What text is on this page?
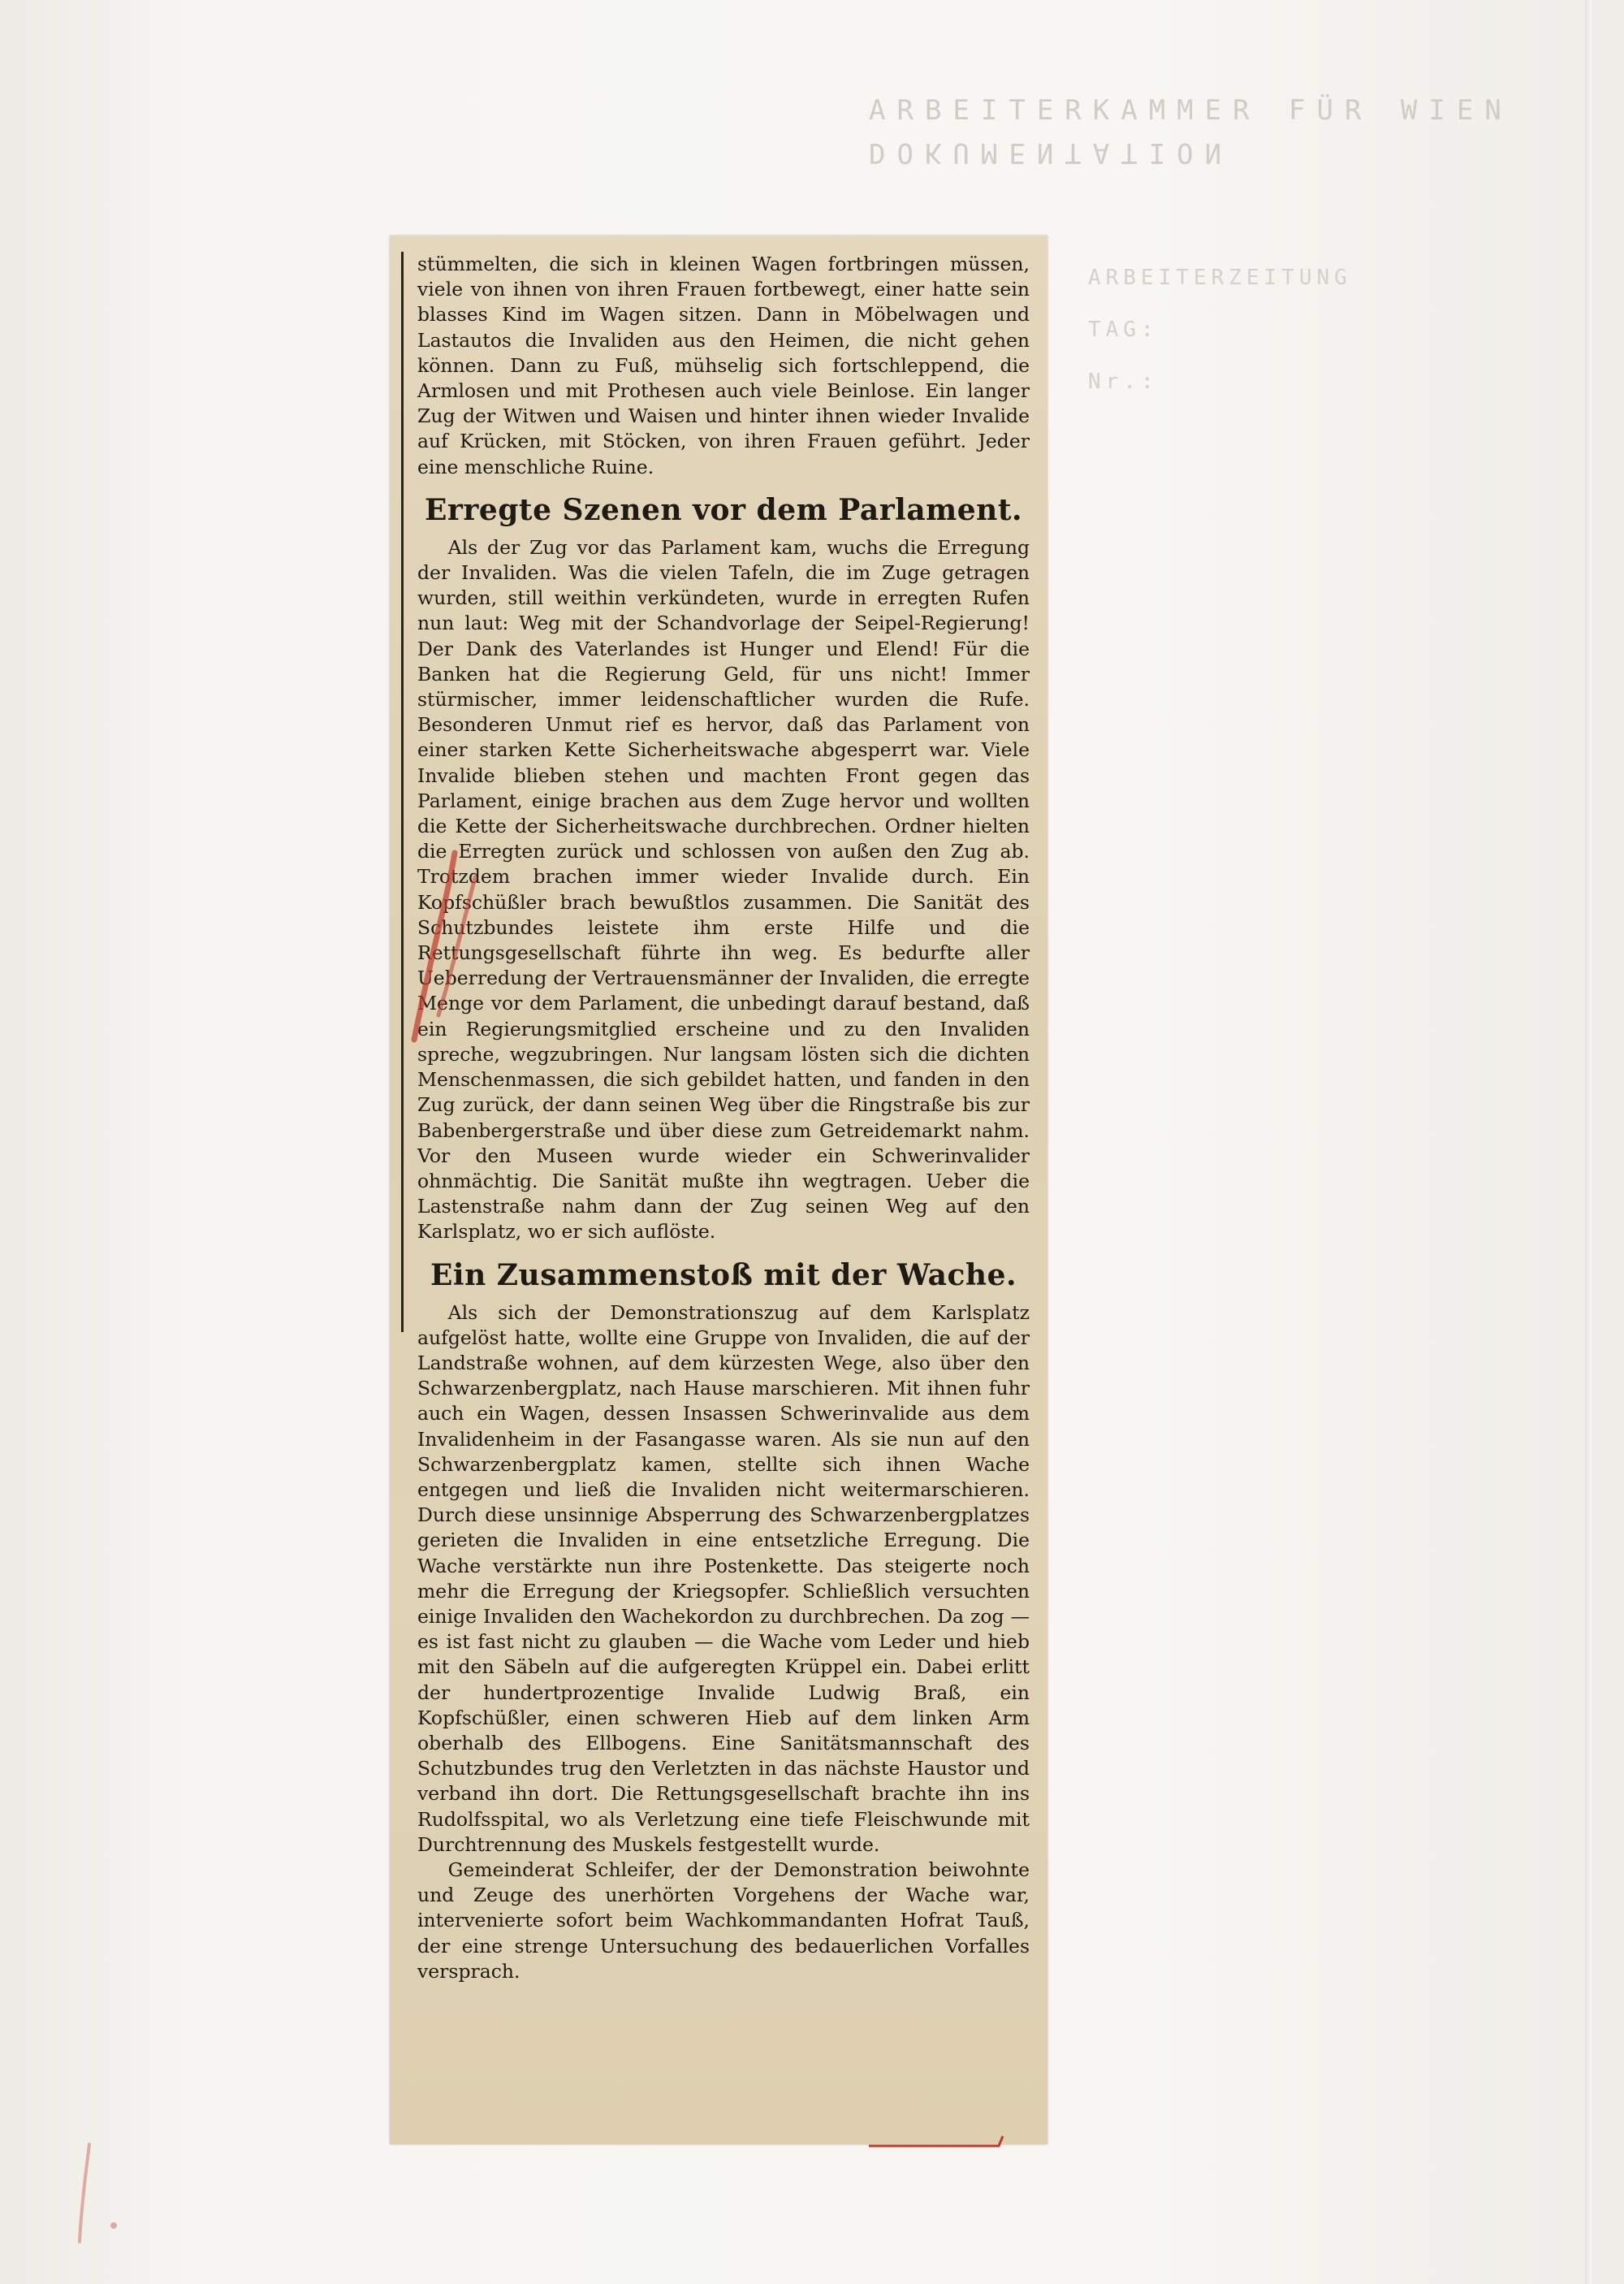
ARBEITERKAMMER FÜR WIEN

DOKUMENTATION
ARBEITERZEITUNG
TAG:
Nr.:

stümmelten, die sich in kleinen Wagen fortbringen müssen, viele von ihnen von ihren Frauen fortbewegt, einer hatte sein blasses Kind im Wagen sitzen. Dann in Möbelwagen und Lastautos die Invaliden aus den Heimen, die nicht gehen können. Dann zu Fuß, mühselig sich fortschleppend, die Armlosen und mit Prothesen auch viele Beinlose. Ein langer Zug der Witwen und Waisen und hinter ihnen wieder Invalide auf Krücken, mit Stöcken, von ihren Frauen geführt. Jeder eine menschliche Ruine.

Erregte Szenen vor dem Parlament.

Als der Zug vor das Parlament kam, wuchs die Erregung der Invaliden. Was die vielen Tafeln, die im Zuge getragen wurden, still weithin verkündeten, wurde in erregten Rufen nun laut: Weg mit der Schandvorlage der Seipel-Regierung! Der Dank des Vaterlandes ist Hunger und Elend! Für die Banken hat die Regierung Geld, für uns nicht! Immer stürmischer, immer leidenschaftlicher wurden die Rufe. Besonderen Unmut rief es hervor, daß das Parlament von einer starken Kette Sicherheitswache abgesperrt war. Viele Invalide blieben stehen und machten Front gegen das Parlament, einige brachen aus dem Zuge hervor und wollten die Kette der Sicherheitswache durchbrechen. Ordner hielten die Erregten zurück und schlossen von außen den Zug ab. Trotzdem brachen immer wieder Invalide durch. Ein Kopfschüßler brach bewußtlos zusammen. Die Sanität des Schutzbundes leistete ihm erste Hilfe und die Rettungsgesellschaft führte ihn weg. Es bedurfte aller Ueberredung der Vertrauensmänner der Invaliden, die erregte Menge vor dem Parlament, die unbedingt darauf bestand, daß ein Regierungsmitglied erscheine und zu den Invaliden spreche, wegzubringen. Nur langsam lösten sich die dichten Menschenmassen, die sich gebildet hatten, und fanden in den Zug zurück, der dann seinen Weg über die Ringstraße bis zur Babenbergerstraße und über diese zum Getreidemarkt nahm. Vor den Museen wurde wieder ein Schwerinvalider ohnmächtig. Die Sanität mußte ihn wegtragen. Ueber die Lastenstraße nahm dann der Zug seinen Weg auf den Karlsplatz, wo er sich auflöste.

Ein Zusammenstoß mit der Wache.

Als sich der Demonstrationszug auf dem Karlsplatz aufgelöst hatte, wollte eine Gruppe von Invaliden, die auf der Landstraße wohnen, auf dem kürzesten Wege, also über den Schwarzenbergplatz, nach Hause marschieren. Mit ihnen fuhr auch ein Wagen, dessen Insassen Schwerinvalide aus dem Invalidenheim in der Fasangasse waren. Als sie nun auf den Schwarzenbergplatz kamen, stellte sich ihnen Wache entgegen und ließ die Invaliden nicht weitermarschieren. Durch diese unsinnige Absperrung des Schwarzenbergplatzes gerieten die Invaliden in eine entsetzliche Erregung. Die Wache verstärkte nun ihre Postenkette. Das steigerte noch mehr die Erregung der Kriegsopfer. Schließlich versuchten einige Invaliden den Wachekordon zu durchbrechen. Da zog — es ist fast nicht zu glauben — die Wache vom Leder und hieb mit den Säbeln auf die aufgeregten Krüppel ein. Dabei erlitt der hundertprozentige Invalide Ludwig Braß, ein Kopfschüßler, einen schweren Hieb auf dem linken Arm oberhalb des Ellbogens. Eine Sanitätsmannschaft des Schutzbundes trug den Verletzten in das nächste Haustor und verband ihn dort. Die Rettungsgesellschaft brachte ihn ins Rudolfsspital, wo als Verletzung eine tiefe Fleischwunde mit Durchtrennung des Muskels festgestellt wurde.

Gemeinderat Schleifer, der der Demonstration beiwohnte und Zeuge des unerhörten Vorgehens der Wache war, intervenierte sofort beim Wachkommandanten Hofrat Tauß, der eine strenge Untersuchung des bedauerlichen Vorfalles versprach.
